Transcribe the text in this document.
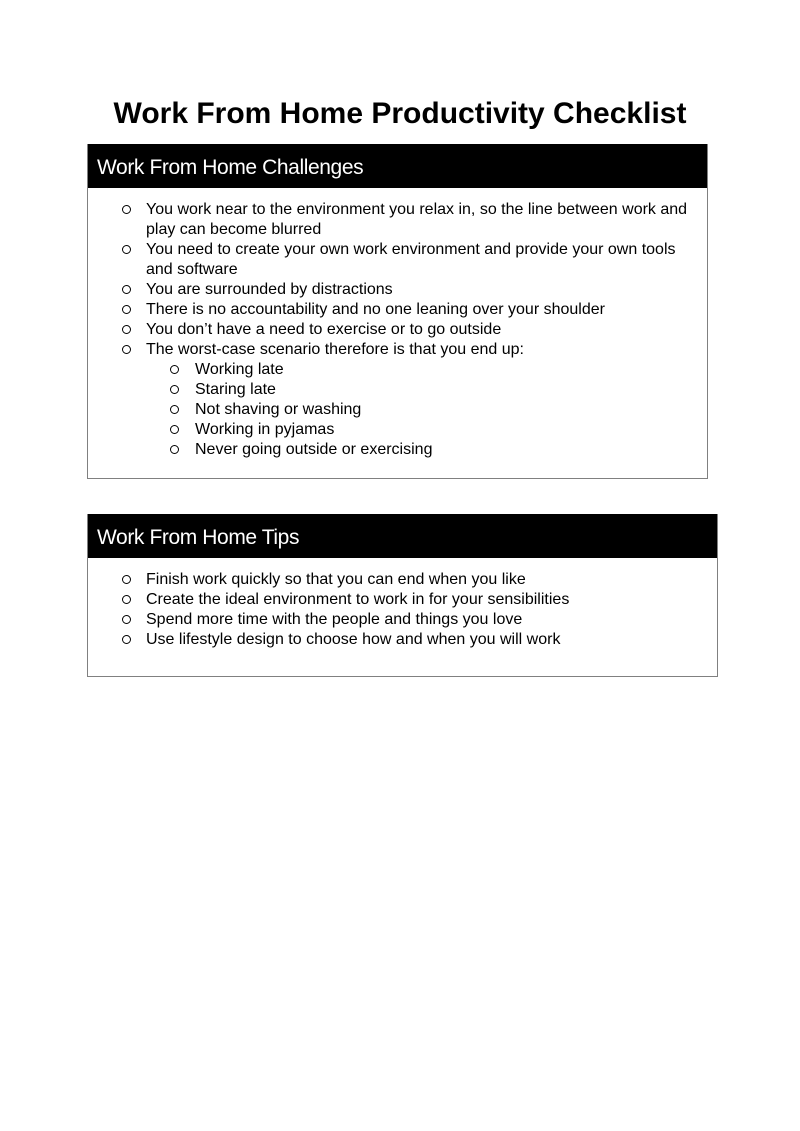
Work From Home Productivity Checklist
Work From Home Challenges
You work near to the environment you relax in, so the line between work and play can become blurred
You need to create your own work environment and provide your own tools and software
You are surrounded by distractions
There is no accountability and no one leaning over your shoulder
You don’t have a need to exercise or to go outside
The worst-case scenario therefore is that you end up:
Working late
Staring late
Not shaving or washing
Working in pyjamas
Never going outside or exercising
Work From Home Tips
Finish work quickly so that you can end when you like
Create the ideal environment to work in for your sensibilities
Spend more time with the people and things you love
Use lifestyle design to choose how and when you will work
